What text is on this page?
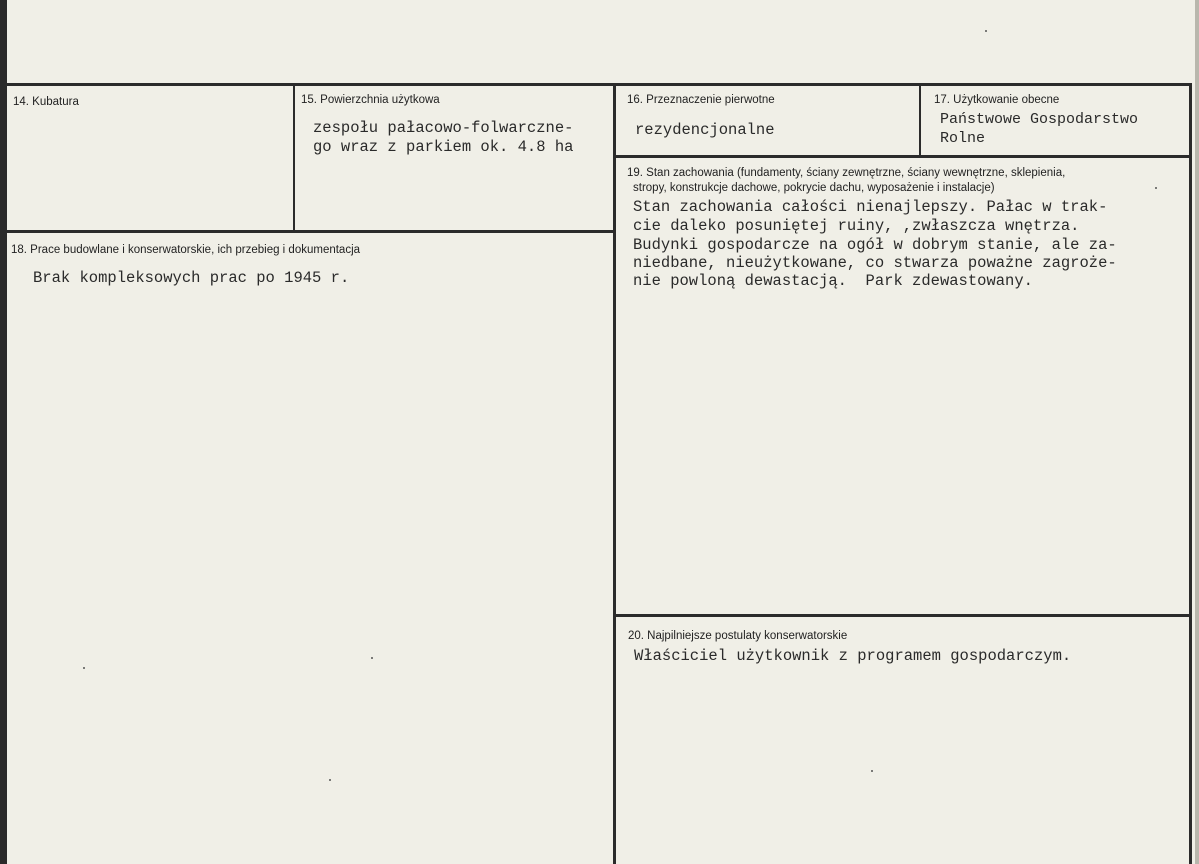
14. Kubatura	15. Powierzchnia użytkowa
zespołu pałacowo-folwarczne-
go wraz z parkiem ok. 4.8 ha
16. Przeznaczenie pierwotne
rezydencjonalne
17. Użytkowanie obecne
Państwowe Gospodarstwo
Rolne
18. Prace budowlane i konserwatorskie, ich przebieg i dokumentacja
Brak kompleksowych prac po 1945 r.
19. Stan zachowania (fundamenty, ściany zewnętrzne, ściany wewnętrzne, sklepienia,
stropy, konstrukcje dachowe, pokrycie dachu, wyposażenie i instalacje)
Stan zachowania całości nienajlepszy. Pałac w trak-
cie daleko posuniętej ruiny, ,zwłaszcza wnętrza.
Budynki gospodarcze na ogół w dobrym stanie, ale za-
niedbane, nieużytkowane, co stwarza poważne zagroże-
nie powloną dewastacją.  Park zdewastowany.
20. Najpilniejsze postulaty konserwatorskie
Właściciel użytkownik z programem gospodarczym.
